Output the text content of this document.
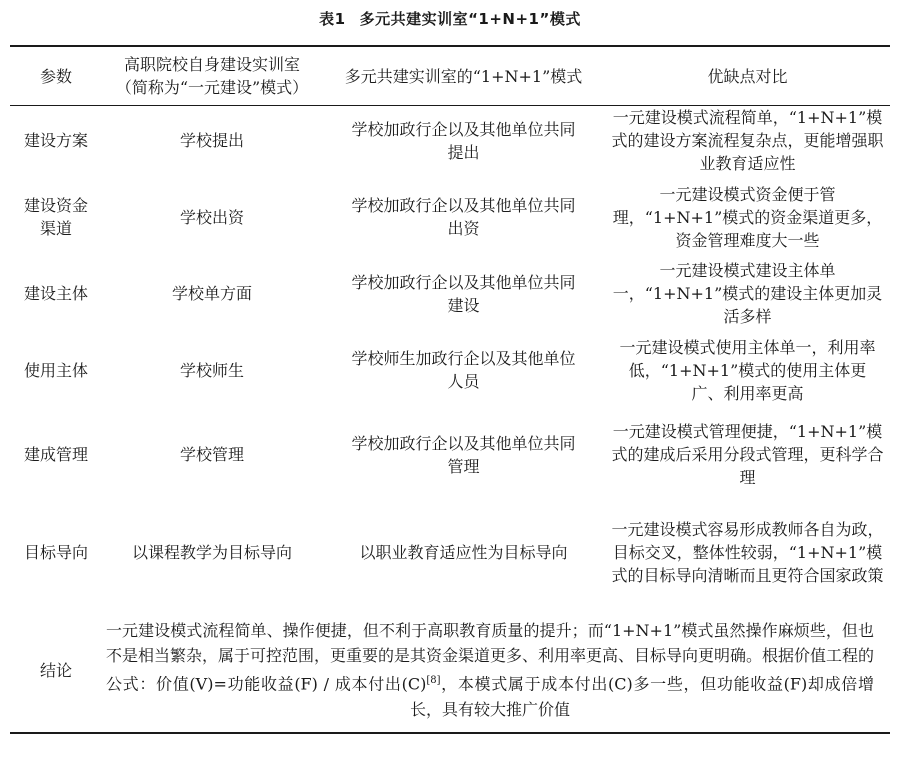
表1 多元共建实训室“1+N+1”模式
参数	高职院校自身建设实训室（简称为“一元建设”模式）	多元共建实训室的“1+N+1”模式	优缺点对比
建设方案	学校提出	学校加政行企以及其他单位共同提出	一元建设模式流程简单，“1+N+1”模式的建设方案流程复杂点，更能增强职业教育适应性
建设资金渠道	学校出资	学校加政行企以及其他单位共同出资	一元建设模式资金便于管理，“1+N+1”模式的资金渠道更多，资金管理难度大一些
建设主体	学校单方面	学校加政行企以及其他单位共同建设	一元建设模式建设主体单一，“1+N+1”模式的建设主体更加灵活多样
使用主体	学校师生	学校师生加政行企以及其他单位人员	一元建设模式使用主体单一，利用率低，“1+N+1”模式的使用主体更广、利用率更高
建成管理	学校管理	学校加政行企以及其他单位共同管理	一元建设模式管理便捷，“1+N+1”模式的建成后采用分段式管理，更科学合理
目标导向	以课程教学为目标导向	以职业教育适应性为目标导向	一元建设模式容易形成教师各自为政，目标交叉，整体性较弱，“1+N+1”模式的目标导向清晰而且更符合国家政策
结论	一元建设模式流程简单、操作便捷，但不利于高职教育质量的提升；而“1+N+1”模式虽然操作麻烦些，但也不是相当繁杂，属于可控范围，更重要的是其资金渠道更多、利用率更高、目标导向更明确。根据价值工程的公式：价值(V)=功能收益(F) / 成本付出(C)[8]，本模式属于成本付出(C)多一些，但功能收益(F)却成倍增长，具有较大推广价值		
